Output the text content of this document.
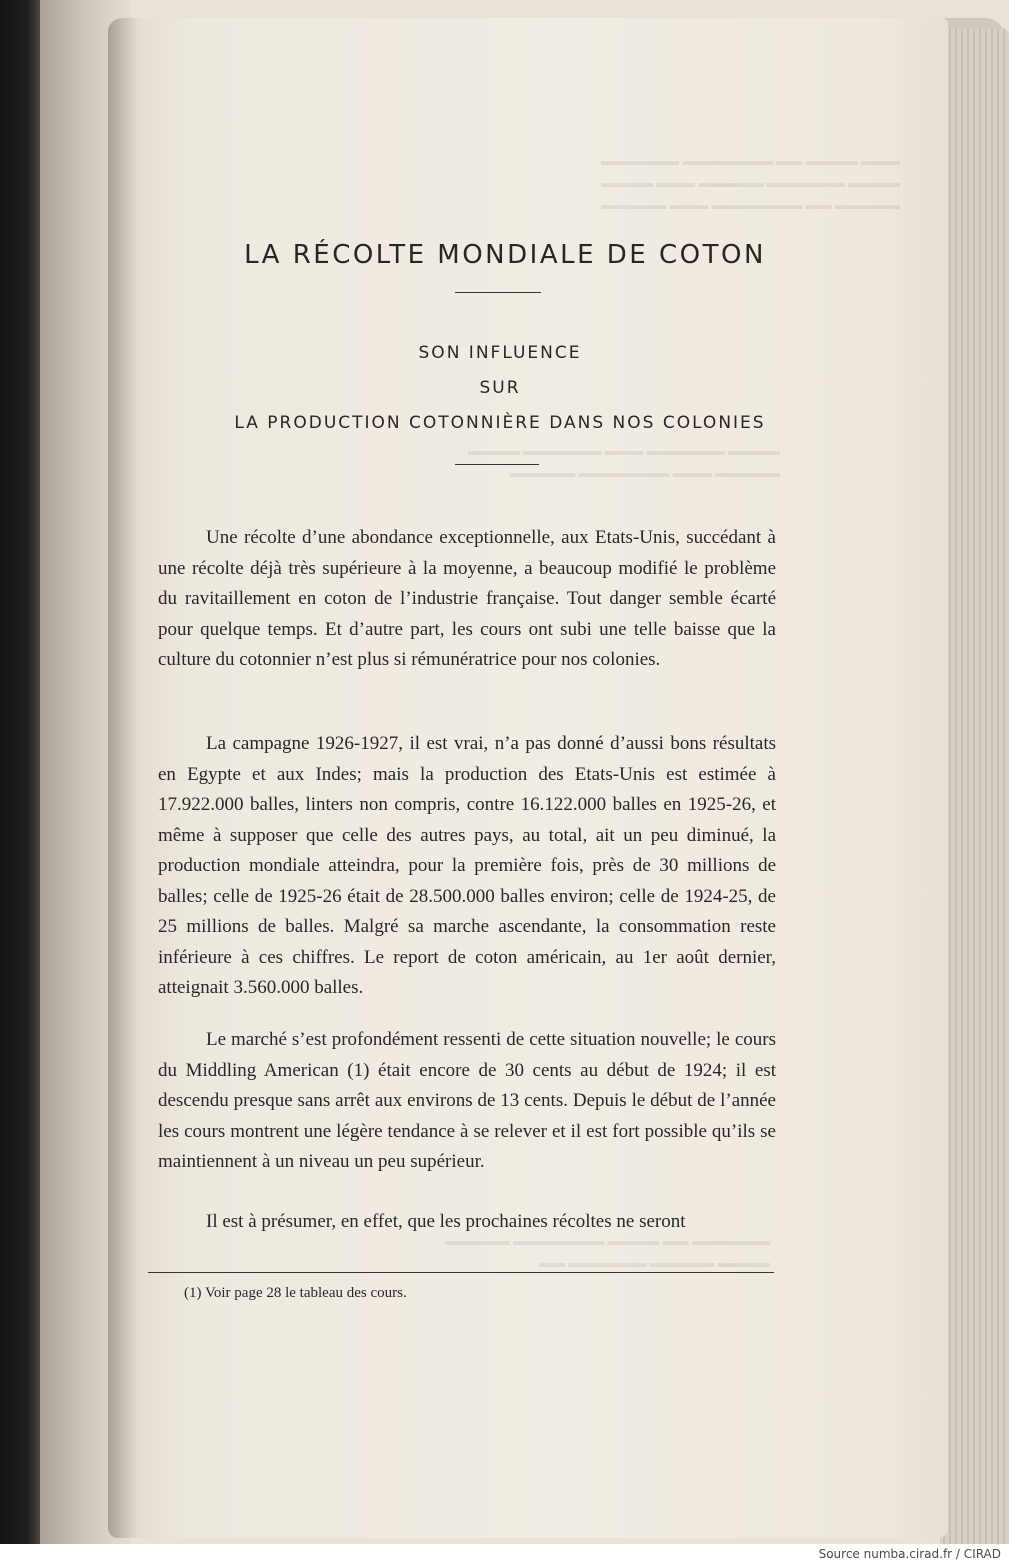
▬▬▬ ▬▬▬▬ ▬▬ ▬▬▬▬▬▬▬ ▬▬▬▬▬▬
▬▬▬▬ ▬▬▬▬▬▬ ▬▬▬▬▬ ▬▬▬ ▬▬▬▬
▬▬▬▬▬ ▬▬ ▬▬▬▬▬▬▬ ▬▬▬ ▬▬▬▬▬
▬▬▬▬ ▬▬▬▬▬▬ ▬▬▬ ▬▬▬▬▬▬ ▬▬▬▬
▬▬▬▬▬ ▬▬▬ ▬▬▬▬▬▬▬ ▬▬▬▬▬
▬▬▬▬▬▬ ▬▬ ▬▬▬▬ ▬▬▬▬▬▬▬ ▬▬▬▬▬
▬▬▬▬ ▬▬▬▬▬ ▬▬▬▬▬▬ ▬▬
LA RÉCOLTE MONDIALE DE COTON
SON INFLUENCE
SUR
LA PRODUCTION COTONNIÈRE DANS NOS COLONIES

Une récolte d’une abondance exceptionnelle, aux Etats-Unis, succédant à une récolte déjà très supérieure à la moyenne, a beaucoup modifié le problème du ravitaillement en coton de l’industrie française. Tout danger semble écarté pour quelque temps. Et d’autre part, les cours ont subi une telle baisse que la culture du cotonnier n’est plus si rémunératrice pour nos colonies.

La campagne 1926-1927, il est vrai, n’a pas donné d’aussi bons résultats en Egypte et aux Indes; mais la production des Etats-Unis est estimée à 17.922.000 balles, linters non compris, contre 16.122.000 balles en 1925-26, et même à supposer que celle des autres pays, au total, ait un peu diminué, la production mondiale atteindra, pour la première fois, près de 30 millions de balles; celle de 1925-26 était de 28.500.000 balles environ; celle de 1924-25, de 25 millions de balles. Malgré sa marche ascendante, la consommation reste inférieure à ces chiffres. Le report de coton américain, au 1er août dernier, atteignait 3.560.000 balles.

Le marché s’est profondément ressenti de cette situation nouvelle; le cours du Middling American (1) était encore de 30 cents au début de 1924; il est descendu presque sans arrêt aux environs de 13 cents. Depuis le début de l’année les cours montrent une légère tendance à se relever et il est fort possible qu’ils se maintiennent à un niveau un peu supérieur.

Il est à présumer, en effet, que les prochaines récoltes ne seront

(1) Voir page 28 le tableau des cours.
Source numba.cirad.fr / CIRAD
